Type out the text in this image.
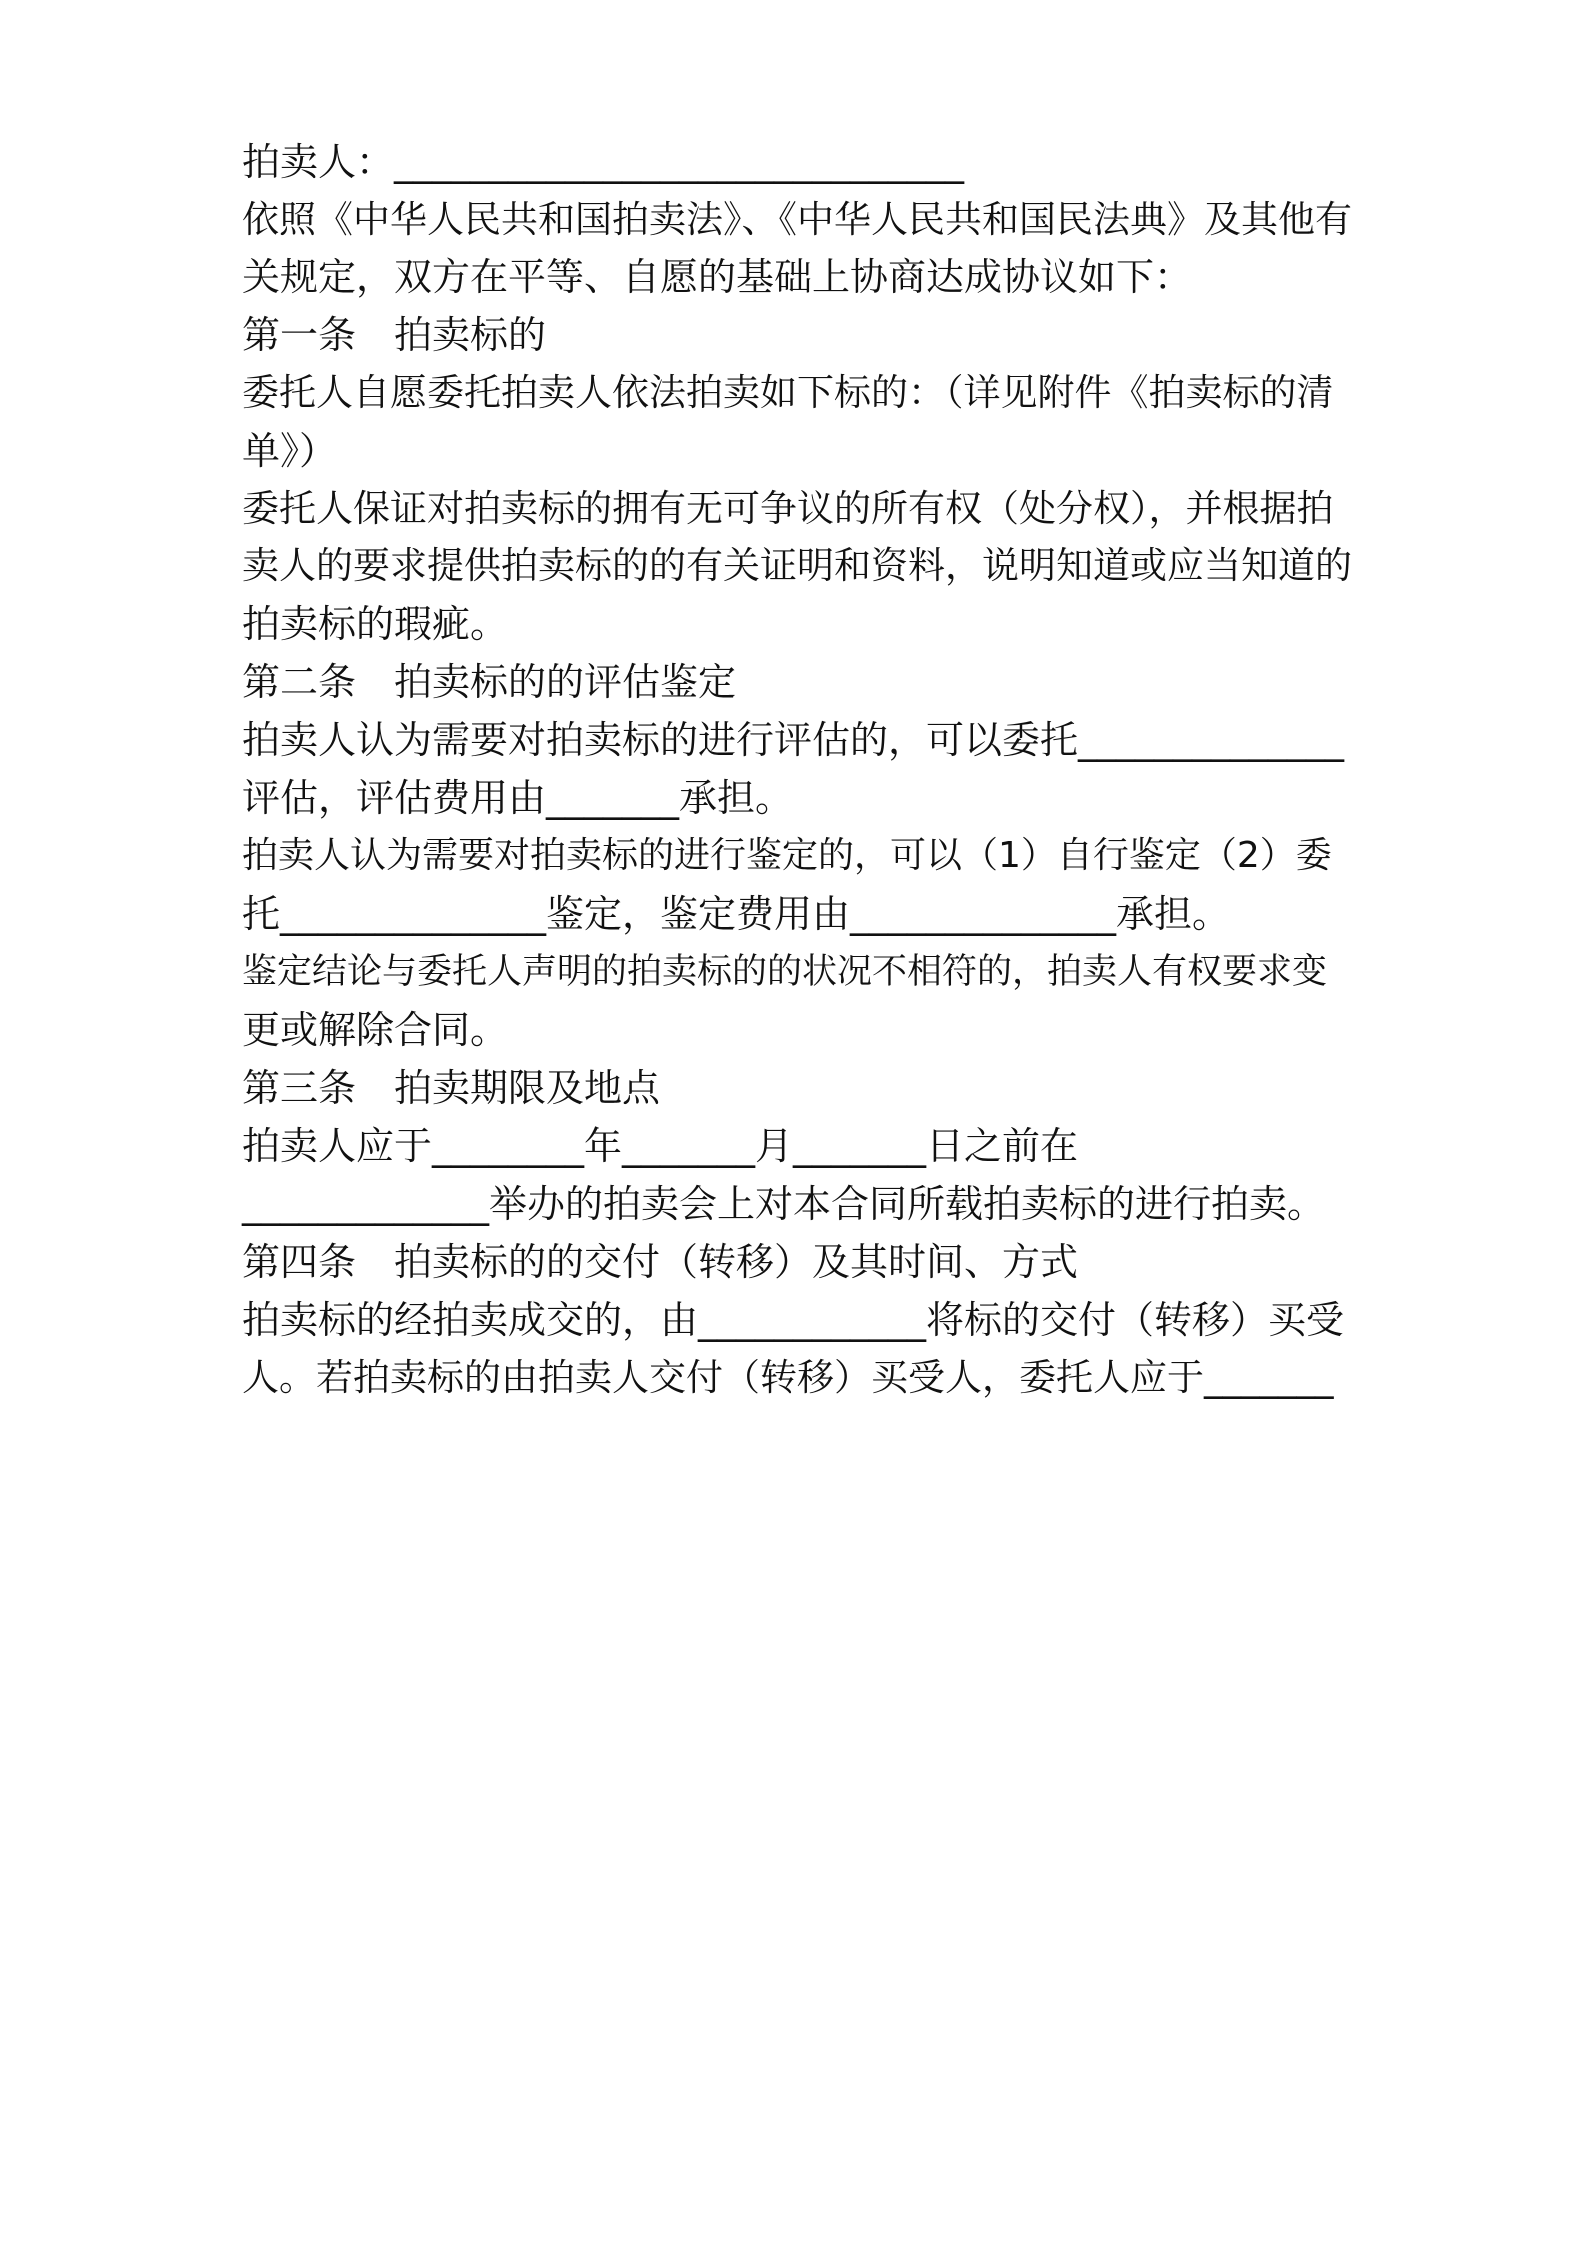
拍卖人：______________________________
依照《中华人民共和国拍卖法》、《中华人民共和国民法典》及其他有
关规定，双方在平等、自愿的基础上协商达成协议如下：
第一条　拍卖标的
委托人自愿委托拍卖人依法拍卖如下标的：（详见附件《拍卖标的清
单》）
委托人保证对拍卖标的拥有无可争议的所有权（处分权），并根据拍
卖人的要求提供拍卖标的的有关证明和资料，说明知道或应当知道的
拍卖标的瑕疵。
第二条　拍卖标的的评估鉴定
拍卖人认为需要对拍卖标的进行评估的，可以委托______________
评估，评估费用由_______承担。
拍卖人认为需要对拍卖标的进行鉴定的，可以（1）自行鉴定（2）委
托______________鉴定，鉴定费用由______________承担。
鉴定结论与委托人声明的拍卖标的的状况不相符的，拍卖人有权要求变
更或解除合同。
第三条　拍卖期限及地点
拍卖人应于________年_______月_______日之前在
_____________举办的拍卖会上对本合同所载拍卖标的进行拍卖。
第四条　拍卖标的的交付（转移）及其时间、方式
拍卖标的经拍卖成交的，由____________将标的交付（转移）买受
人。若拍卖标的由拍卖人交付（转移）买受人，委托人应于_______
